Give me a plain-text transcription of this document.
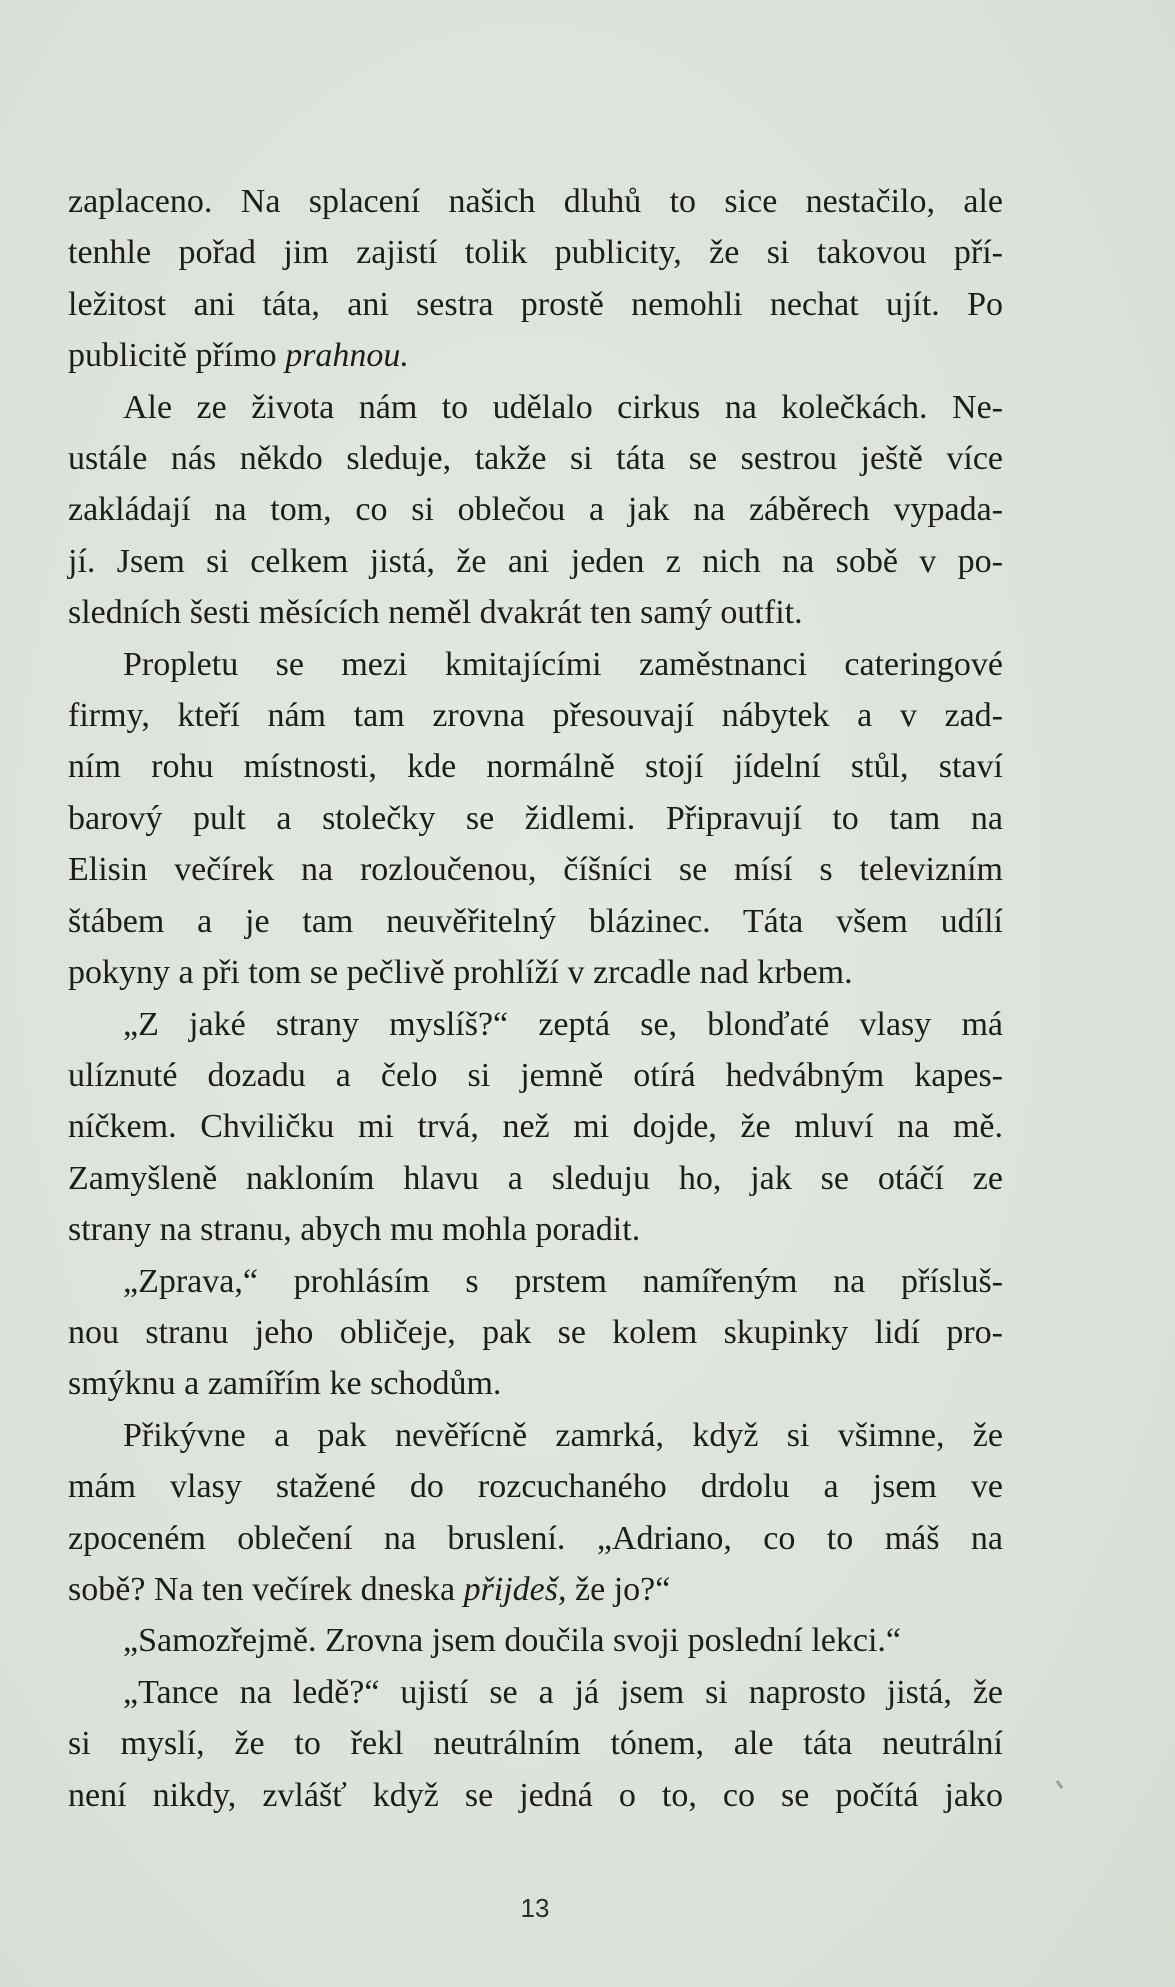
zaplaceno. Na splacení našich dluhů to sice nestačilo, ale
tenhle pořad jim zajistí tolik publicity, že si takovou pří-
ležitost ani táta, ani sestra prostě nemohli nechat ujít. Po
publicitě přímo prahnou.

Ale ze života nám to udělalo cirkus na kolečkách. Ne-
ustále nás někdo sleduje, takže si táta se sestrou ještě více
zakládají na tom, co si oblečou a jak na záběrech vypada-
jí. Jsem si celkem jistá, že ani jeden z nich na sobě v po-
sledních šesti měsících neměl dvakrát ten samý outfit.

Propletu se mezi kmitajícími zaměstnanci cateringové
firmy, kteří nám tam zrovna přesouvají nábytek a v zad-
ním rohu místnosti, kde normálně stojí jídelní stůl, staví
barový pult a stolečky se židlemi. Připravují to tam na
Elisin večírek na rozloučenou, číšníci se mísí s televizním
štábem a je tam neuvěřitelný blázinec. Táta všem udílí
pokyny a při tom se pečlivě prohlíží v zrcadle nad krbem.

„Z jaké strany myslíš?“ zeptá se, blonďaté vlasy má
ulíznuté dozadu a čelo si jemně otírá hedvábným kapes-
níčkem. Chviličku mi trvá, než mi dojde, že mluví na mě.
Zamyšleně nakloním hlavu a sleduju ho, jak se otáčí ze
strany na stranu, abych mu mohla poradit.

„Zprava,“ prohlásím s prstem namířeným na přísluš-
nou stranu jeho obličeje, pak se kolem skupinky lidí pro-
smýknu a zamířím ke schodům.

Přikývne a pak nevěřícně zamrká, když si všimne, že
mám vlasy stažené do rozcuchaného drdolu a jsem ve
zpoceném oblečení na bruslení. „Adriano, co to máš na
sobě? Na ten večírek dneska přijdeš, že jo?“

„Samozřejmě. Zrovna jsem doučila svoji poslední lekci.“

„Tance na ledě?“ ujistí se a já jsem si naprosto jistá, že
si myslí, že to řekl neutrálním tónem, ale táta neutrální
není nikdy, zvlášť když se jedná o to, co se počítá jako

13
